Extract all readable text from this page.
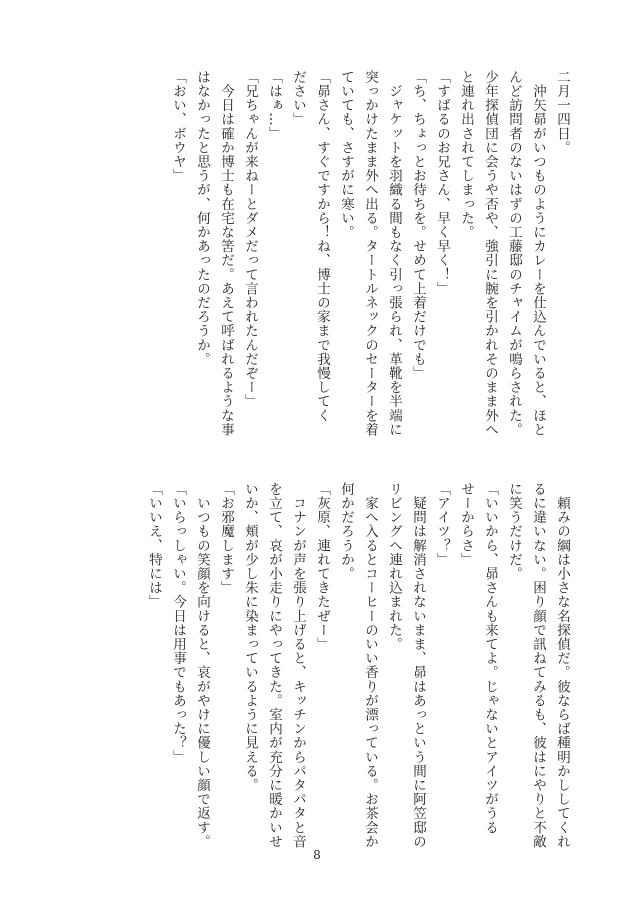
二月一四日。
　沖矢昴がいつものようにカレーを仕込んでいると、ほと
んど訪問者のないはずの工藤邸のチャイムが鳴らされた。
少年探偵団に会うや否や、強引に腕を引かれそのまま外へ
と連れ出されてしまった。
「すばるのお兄さん、早く早く！」
「ち、ちょっとお待ちを。せめて上着だけでも」
　ジャケットを羽織る間もなく引っ張られ、革靴を半端に
突っかけたまま外へ出る。タートルネックのセーターを着
ていても、さすがに寒い。
「昴さん、すぐですから！ね、博士の家まで我慢してく
ださい」
「はぁ…」
「兄ちゃんが来ねーとダメだって言われたんだぞー」
　今日は確か博士も在宅な筈だ。あえて呼ばれるような事
はなかったと思うが、何かあったのだろうか。
「おい、ボウヤ」
　頼みの綱は小さな名探偵だ。彼ならば種明かししてくれ
るに違いない。困り顔で訊ねてみるも、彼はにやりと不敵
に笑うだけだ。
「いいから、昴さんも来てよ。じゃないとアイツがうる
せーからさ」
「アイツ？」
　疑問は解消されないまま、昴はあっという間に阿笠邸の
リビングへ連れ込まれた。
　家へ入るとコーヒーのいい香りが漂っている。お茶会か
何かだろうか。
「灰原、連れてきたぜー」
　コナンが声を張り上げると、キッチンからパタパタと音
を立て、哀が小走りにやってきた。室内が充分に暖かいせ
いか、頬が少し朱に染まっているように見える。
「お邪魔します」
　いつもの笑顔を向けると、哀がやけに優しい顔で返す。
「いらっしゃい。今日は用事でもあった？」
「いいえ、特には」
8
